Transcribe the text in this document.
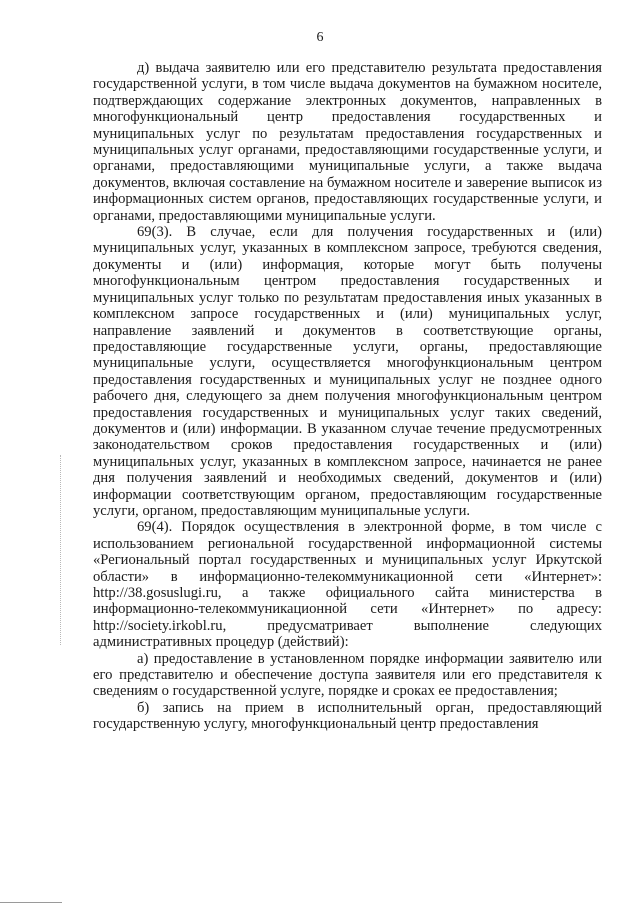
6

д) выдача заявителю или его представителю результата предоставления государственной услуги, в том числе выдача документов на бумажном носителе, подтверждающих содержание электронных документов, направленных в многофункциональный центр предоставления государственных и муниципальных услуг по результатам предоставления государственных и муниципальных услуг органами, предоставляющими государственные услуги, и органами, предоставляющими муниципальные услуги, а также выдача документов, включая составление на бумажном носителе и заверение выписок из информационных систем органов, предоставляющих государственные услуги, и органами, предоставляющими муниципальные услуги.

69(3). В случае, если для получения государственных и (или) муниципальных услуг, указанных в комплексном запросе, требуются сведения, документы и (или) информация, которые могут быть получены многофункциональным центром предоставления государственных и муниципальных услуг только по результатам предоставления иных указанных в комплексном запросе государственных и (или) муниципальных услуг, направление заявлений и документов в соответствующие органы, предоставляющие государственные услуги, органы, предоставляющие муниципальные услуги, осуществляется многофункциональным центром предоставления государственных и муниципальных услуг не позднее одного рабочего дня, следующего за днем получения многофункциональным центром предоставления государственных и муниципальных услуг таких сведений, документов и (или) информации. В указанном случае течение предусмотренных законодательством сроков предоставления государственных и (или) муниципальных услуг, указанных в комплексном запросе, начинается не ранее дня получения заявлений и необходимых сведений, документов и (или) информации соответствующим органом, предоставляющим государственные услуги, органом, предоставляющим муниципальные услуги.

69(4). Порядок осуществления в электронной форме, в том числе с использованием региональной государственной информационной системы «Региональный портал государственных и муниципальных услуг Иркутской области» в информационно-телекоммуникационной сети «Интернет»: http://38.gosuslugi.ru, а также официального сайта министерства в информационно-телекоммуникационной сети «Интернет» по адресу: http://society.irkobl.ru, предусматривает выполнение следующих административных процедур (действий):

а) предоставление в установленном порядке информации заявителю или его представителю и обеспечение доступа заявителя или его представителя к сведениям о государственной услуге, порядке и сроках ее предоставления;

б) запись на прием в исполнительный орган, предоставляющий государственную услугу, многофункциональный центр предоставления
